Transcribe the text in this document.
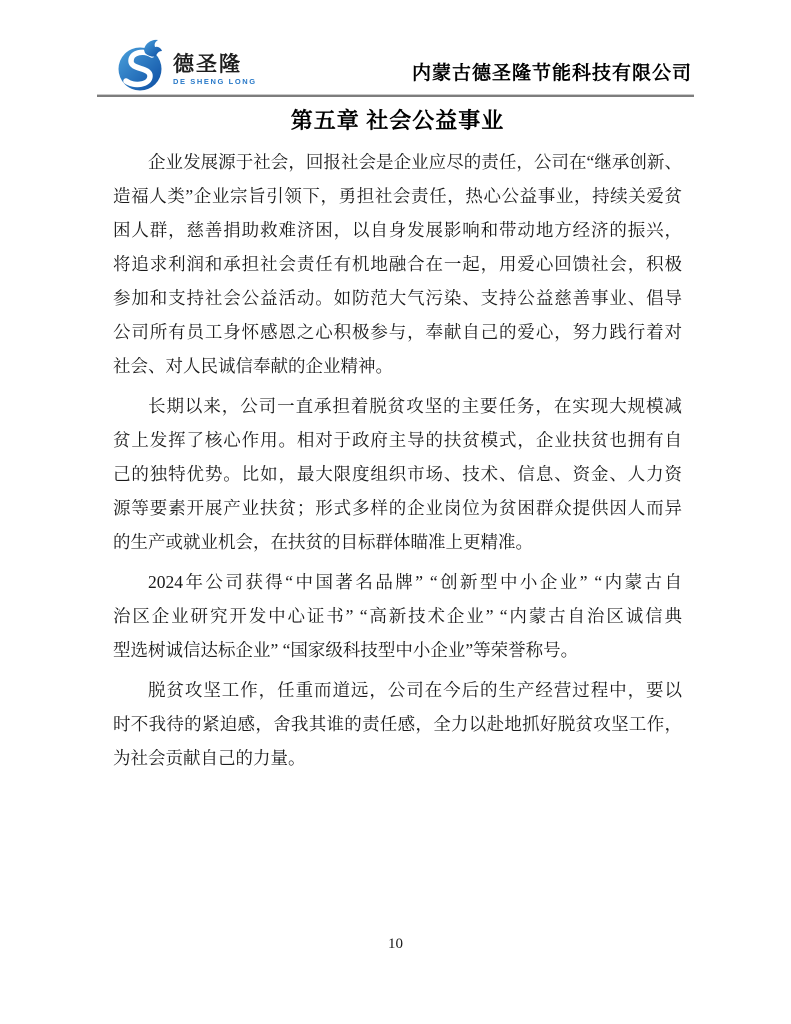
德圣隆
DE SHENG LONG	内蒙古德圣隆节能科技有限公司
第五章 社会公益事业
企业发展源于社会，回报社会是企业应尽的责任，公司在“继承创新、
造福人类”企业宗旨引领下，勇担社会责任，热心公益事业，持续关爱贫
困人群，慈善捐助救难济困，以自身发展影响和带动地方经济的振兴，
将追求利润和承担社会责任有机地融合在一起，用爱心回馈社会，积极
参加和支持社会公益活动。如防范大气污染、支持公益慈善事业、倡导
公司所有员工身怀感恩之心积极参与，奉献自己的爱心，努力践行着对
社会、对人民诚信奉献的企业精神。
长期以来，公司一直承担着脱贫攻坚的主要任务，在实现大规模减
贫上发挥了核心作用。相对于政府主导的扶贫模式，企业扶贫也拥有自
己的独特优势。比如，最大限度组织市场、技术、信息、资金、人力资
源等要素开展产业扶贫；形式多样的企业岗位为贫困群众提供因人而异
的生产或就业机会，在扶贫的目标群体瞄准上更精准。
2024年公司获得“中国著名品牌” “创新型中小企业” “内蒙古自
治区企业研究开发中心证书” “高新技术企业” “内蒙古自治区诚信典
型选树诚信达标企业” “国家级科技型中小企业”等荣誉称号。
脱贫攻坚工作，任重而道远，公司在今后的生产经营过程中，要以
时不我待的紧迫感，舍我其谁的责任感，全力以赴地抓好脱贫攻坚工作，
为社会贡献自己的力量。
10
